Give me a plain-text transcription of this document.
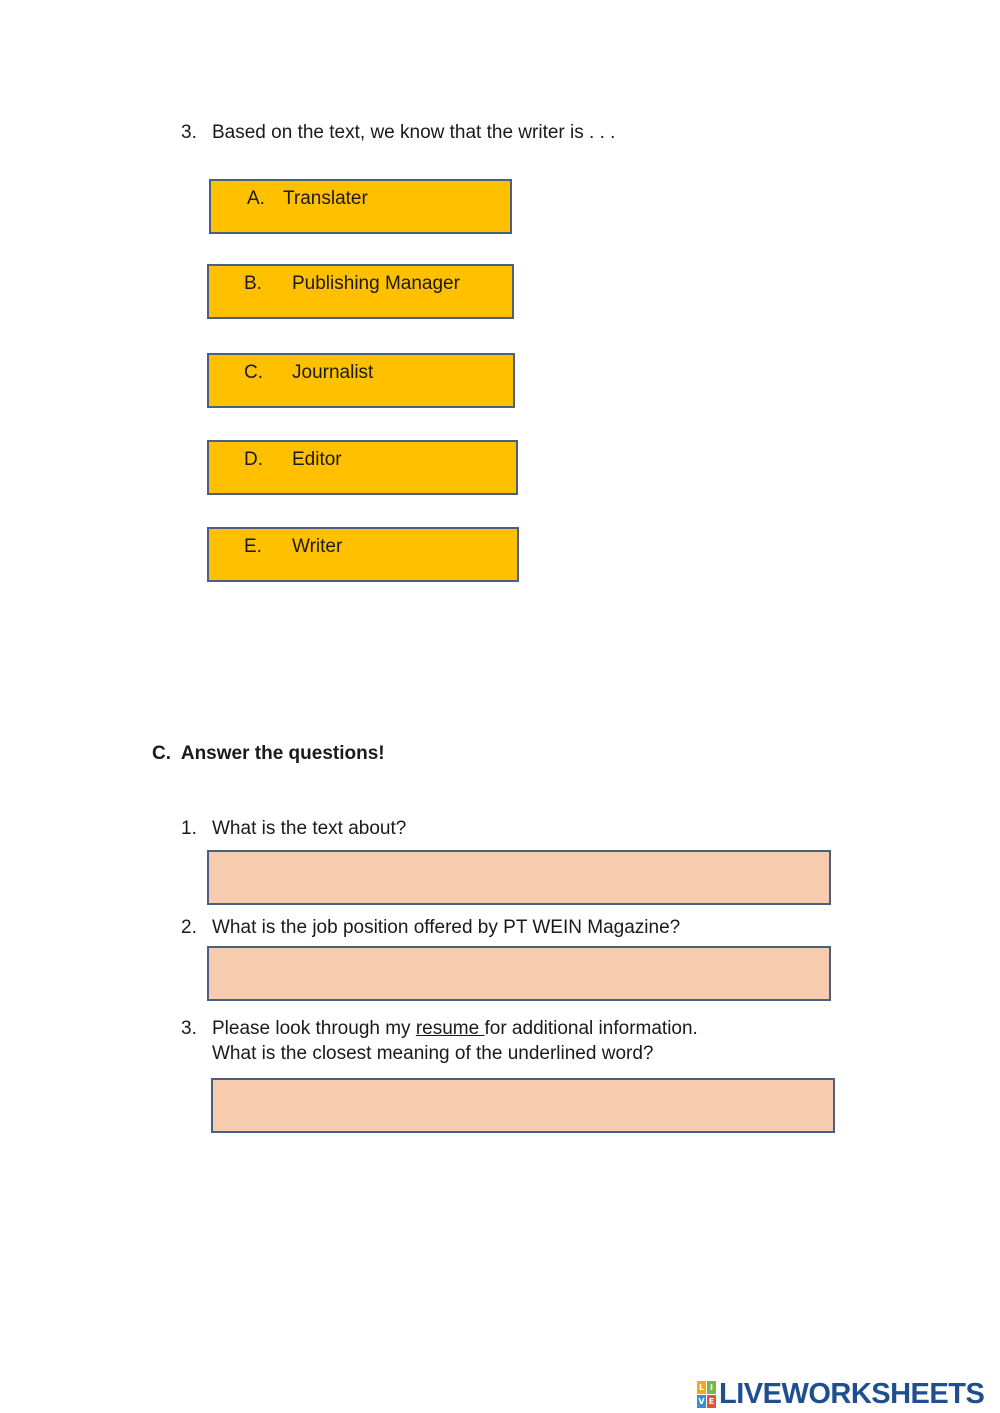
3. Based on the text, we know that the writer is . . .
A. Translater
B. Publishing Manager
C. Journalist
D. Editor
E. Writer
C.  Answer the questions!
1. What is the text about?
2. What is the job position offered by PT WEIN Magazine?
3. Please look through my resume for additional information.
What is the closest meaning of the underlined word?
L I
V E LIVEWORKSHEETS
